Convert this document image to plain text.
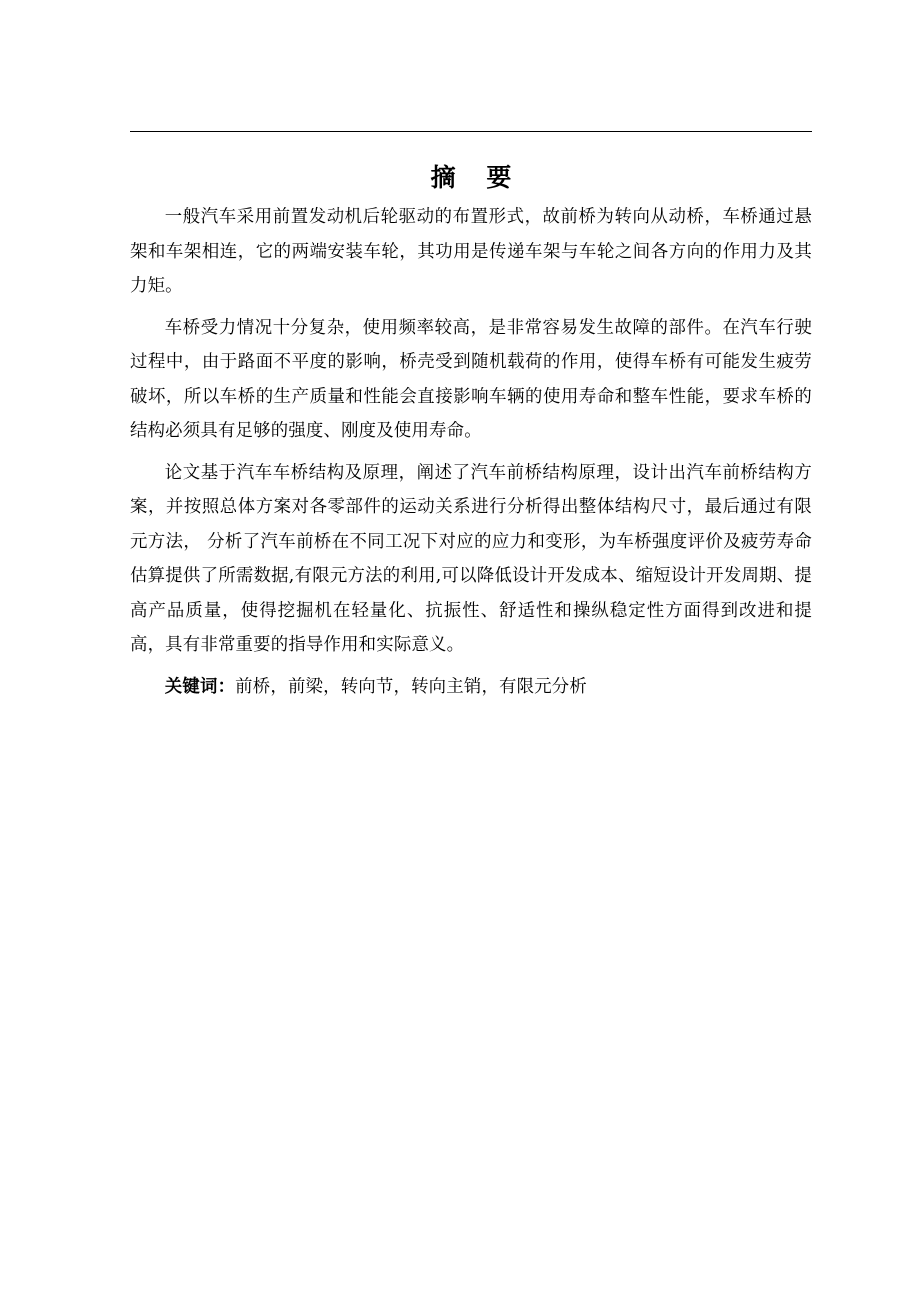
摘 要

一般汽车采用前置发动机后轮驱动的布置形式，故前桥为转向从动桥，车桥通过悬架和车架相连，它的两端安装车轮，其功用是传递车架与车轮之间各方向的作用力及其力矩。

车桥受力情况十分复杂，使用频率较高，是非常容易发生故障的部件。在汽车行驶过程中，由于路面不平度的影响，桥壳受到随机载荷的作用，使得车桥有可能发生疲劳破坏，所以车桥的生产质量和性能会直接影响车辆的使用寿命和整车性能，要求车桥的结构必须具有足够的强度、刚度及使用寿命。

论文基于汽车车桥结构及原理，阐述了汽车前桥结构原理，设计出汽车前桥结构方案，并按照总体方案对各零部件的运动关系进行分析得出整体结构尺寸，最后通过有限元方法， 分析了汽车前桥在不同工况下对应的应力和变形，为车桥强度评价及疲劳寿命估算提供了所需数据,有限元方法的利用,可以降低设计开发成本、缩短设计开发周期、提高产品质量，使得挖掘机在轻量化、抗振性、舒适性和操纵稳定性方面得到改进和提高，具有非常重要的指导作用和实际意义。

关键词：前桥，前梁，转向节，转向主销，有限元分析
